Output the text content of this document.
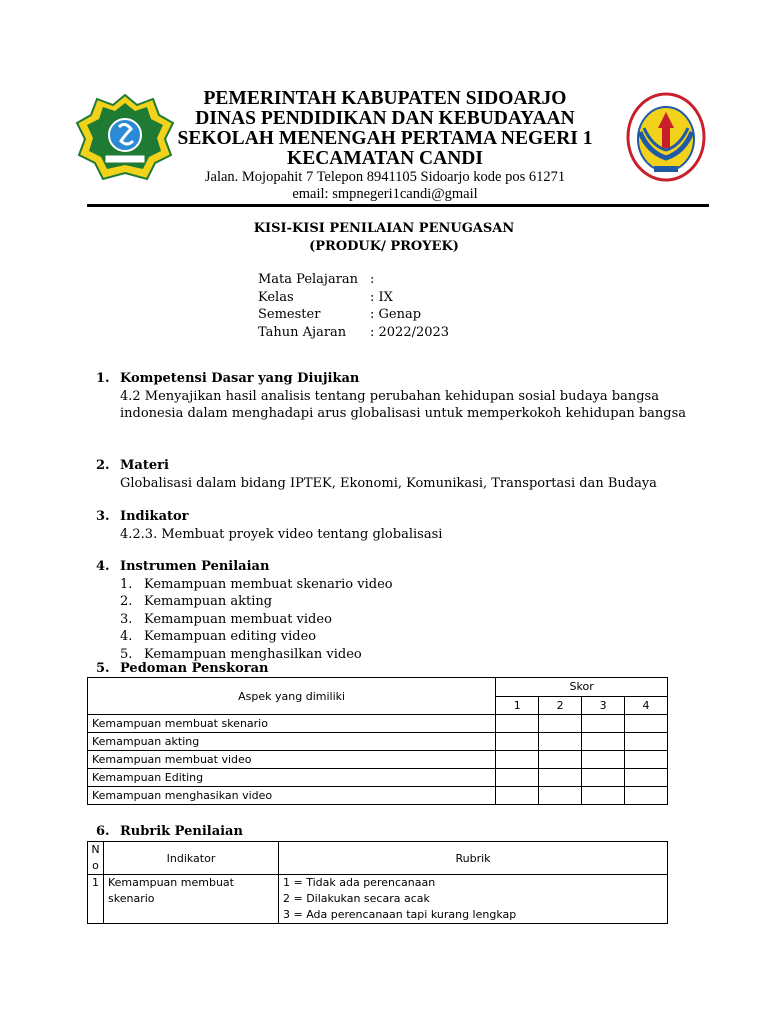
PEMERINTAH KABUPATEN SIDOARJO
DINAS PENDIDIKAN DAN KEBUDAYAAN
SEKOLAH MENENGAH PERTAMA NEGERI 1
KECAMATAN CANDI
Jalan. Mojopahit 7 Telepon 8941105 Sidoarjo kode pos 61271
email: smpnegeri1candi@gmail
KISI-KISI PENILAIAN PENUGASAN
(PRODUK/ PROYEK)
Mata Pelajaran :
Kelas	: IX
Semester	: Genap
Tahun Ajaran	: 2022/2023
1. Kompetensi Dasar yang Diujikan
4.2 Menyajikan hasil analisis tentang perubahan kehidupan sosial budaya bangsa indonesia dalam menghadapi arus globalisasi untuk memperkokoh kehidupan bangsa
2. Materi
Globalisasi dalam bidang IPTEK, Ekonomi, Komunikasi, Transportasi dan Budaya
3. Indikator
4.2.3. Membuat proyek video tentang globalisasi
4. Instrumen Penilaian
1. Kemampuan membuat skenario video
2. Kemampuan akting
3. Kemampuan membuat video
4. Kemampuan editing video
5. Kemampuan menghasilkan video
5. Pedoman Penskoran
Aspek yang dimiliki	Skor			
	1	2	3	4
Kemampuan membuat skenario				
Kemampuan akting				
Kemampuan membuat video				
Kemampuan Editing				
Kemampuan menghasikan video				
6. Rubrik Penilaian
No	Indikator	Rubrik
1	Kemampuan membuat skenario	1 = Tidak ada perencanaan
2 = Dilakukan secara acak
3 = Ada perencanaan tapi kurang lengkap
